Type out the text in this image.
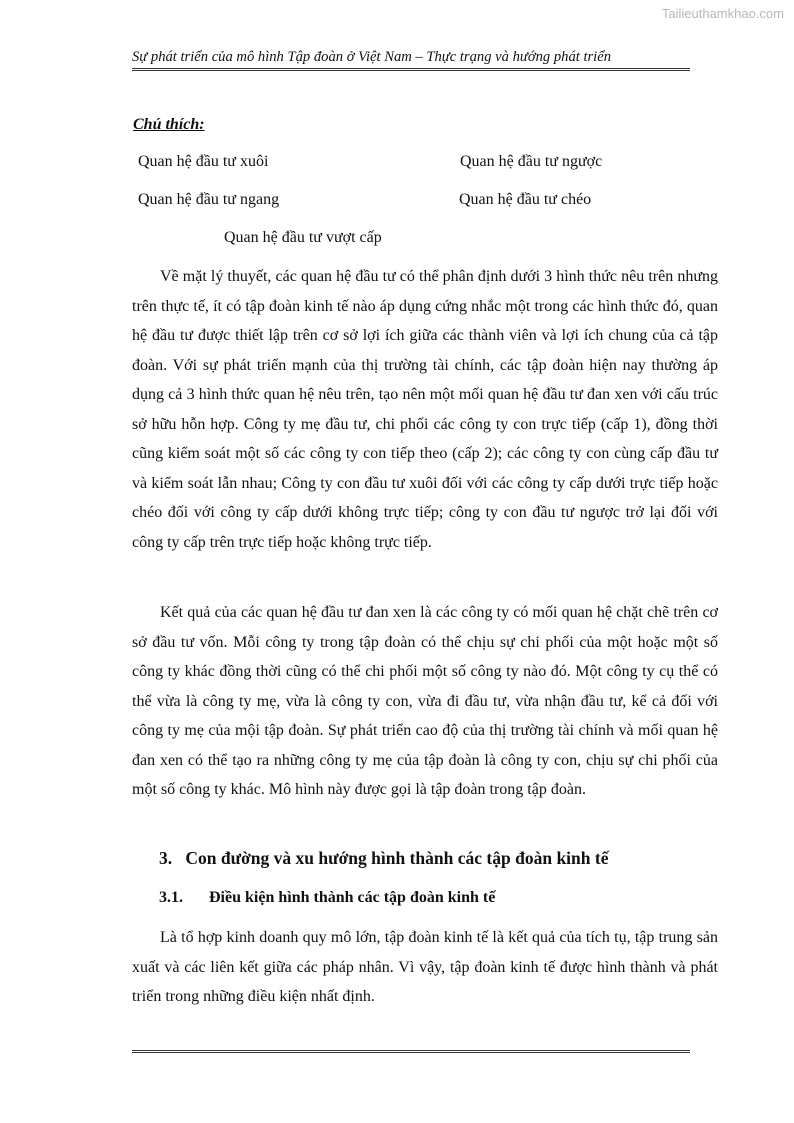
Tailieuthamkhao.com
Sự phát triển của mô hình Tập đoàn ở Việt Nam – Thực trạng và hướng phát triển
Chú thích:
Quan hệ đầu tư xuôi	Quan hệ đầu tư ngược
Quan hệ đầu tư ngang	Quan hệ đầu tư chéo
Quan hệ đầu tư vượt cấp

Về mặt lý thuyết, các quan hệ đầu tư có thể phân định dưới 3 hình thức nêu trên nhưng trên thực tế, ít có tập đoàn kinh tế nào áp dụng cứng nhắc một trong các hình thức đó, quan hệ đầu tư được thiết lập trên cơ sở lợi ích giữa các thành viên và lợi ích chung của cả tập đoàn. Với sự phát triển mạnh của thị trường tài chính, các tập đoàn hiện nay thường áp dụng cả 3 hình thức quan hệ nêu trên, tạo nên một mối quan hệ đầu tư đan xen với cấu trúc sở hữu hỗn hợp. Công ty mẹ đầu tư, chi phối các công ty con trực tiếp (cấp 1), đồng thời cũng kiểm soát một số các công ty con tiếp theo (cấp 2); các công ty con cùng cấp đầu tư và kiểm soát lẫn nhau; Công ty con đầu tư xuôi đối với các công ty cấp dưới trực tiếp hoặc chéo đối với công ty cấp dưới không trực tiếp; công ty con đầu tư ngược trở lại đối với công ty cấp trên trực tiếp hoặc không trực tiếp.

Kết quả của các quan hệ đầu tư đan xen là các công ty có mối quan hệ chặt chẽ trên cơ sở đầu tư vốn. Mỗi công ty trong tập đoàn có thể chịu sự chi phối của một hoặc một số công ty khác đồng thời cũng có thể chi phối một số công ty nào đó. Một công ty cụ thể có thể vừa là công ty mẹ, vừa là công ty con, vừa đi đầu tư, vừa nhận đầu tư, kể cả đối với công ty mẹ của mội tập đoàn. Sự phát triển cao độ của thị trường tài chính và mối quan hệ đan xen có thể tạo ra những công ty mẹ của tập đoàn là công ty con, chịu sự chi phối của một số công ty khác. Mô hình này được gọi là tập đoàn trong tập đoàn.

3. Con đường và xu hướng hình thành các tập đoàn kinh tế
3.1. Điều kiện hình thành các tập đoàn kinh tế

Là tổ hợp kinh doanh quy mô lớn, tập đoàn kinh tế là kết quả của tích tụ, tập trung sản xuất và các liên kết giữa các pháp nhân. Vì vậy, tập đoàn kinh tế được hình thành và phát triển trong những điều kiện nhất định.
